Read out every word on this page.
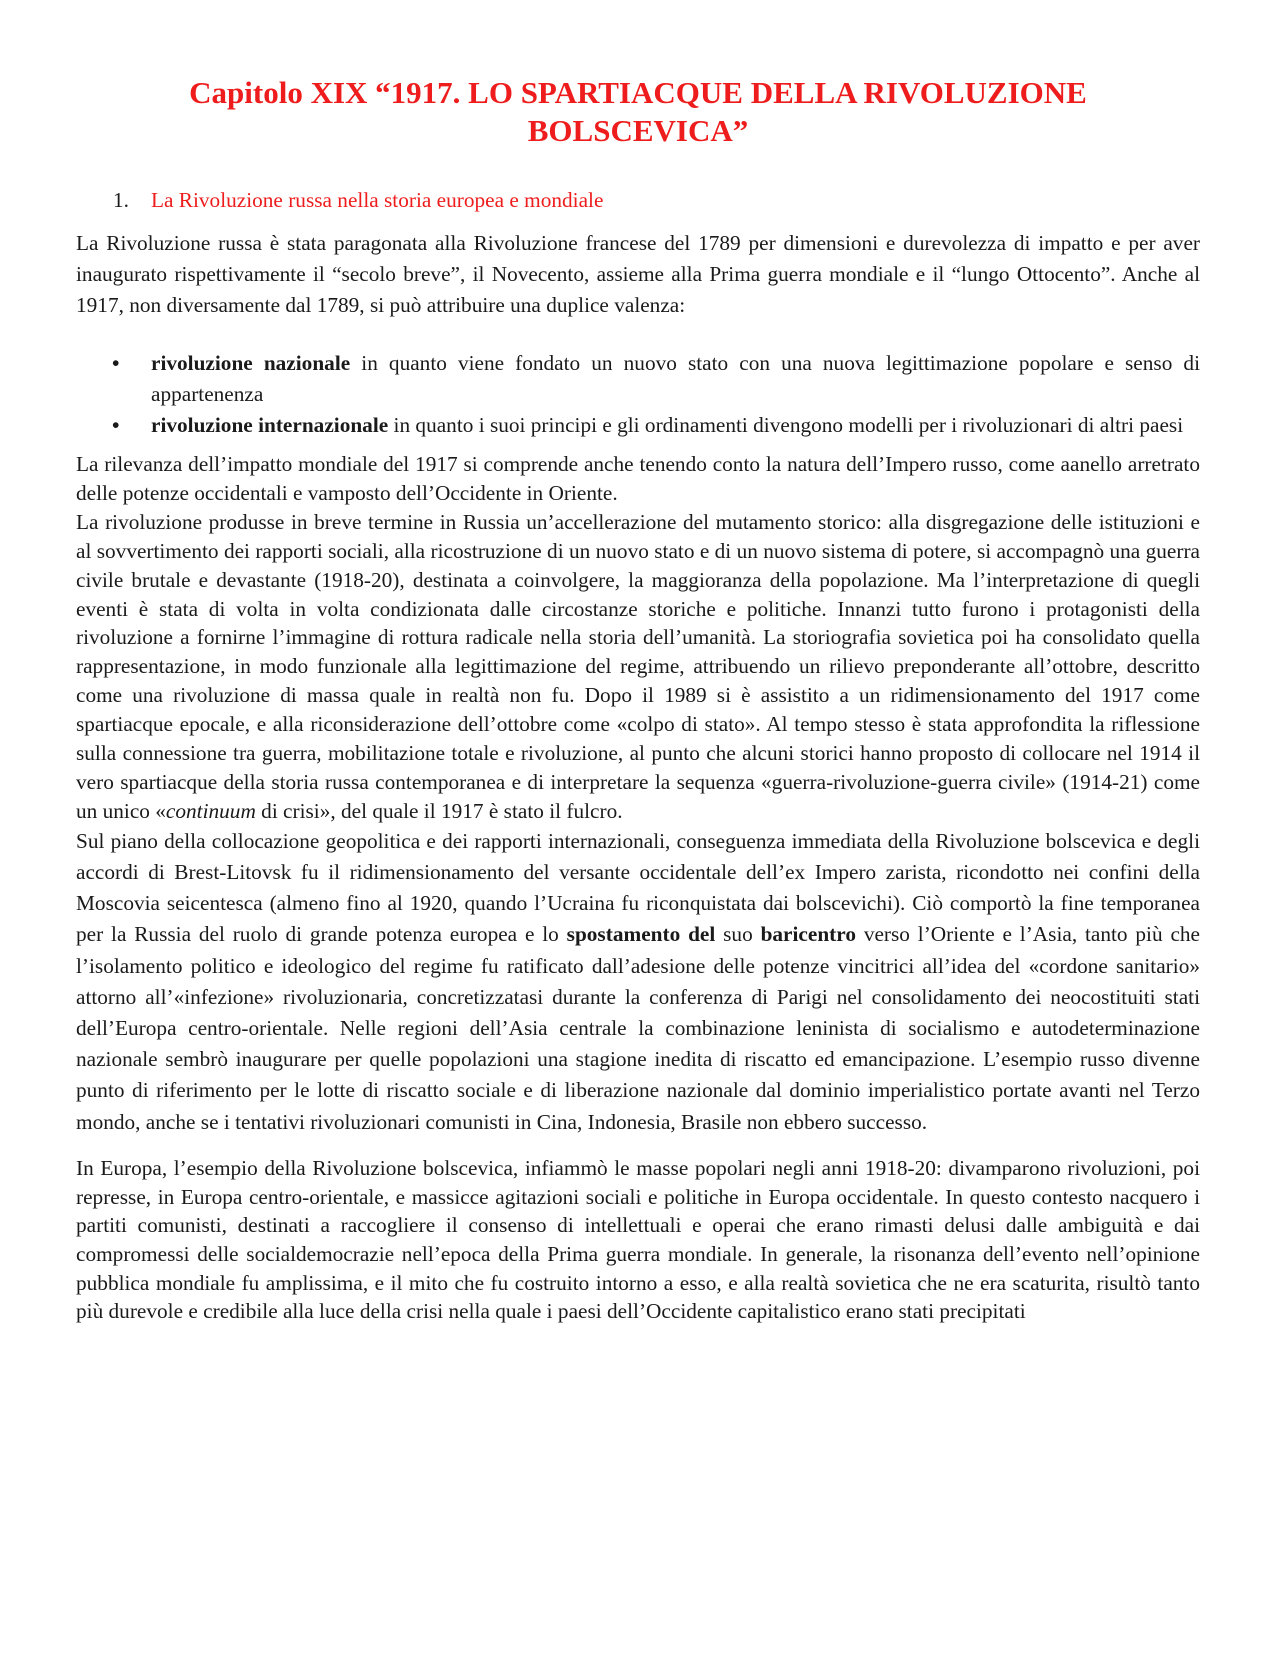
Capitolo XIX “1917. LO SPARTIACQUE DELLA RIVOLUZIONE BOLSCEVICA”
1.	La Rivoluzione russa nella storia europea e mondiale

La Rivoluzione russa è stata paragonata alla Rivoluzione francese del 1789 per dimensioni e durevolezza di impatto e per aver inaugurato rispettivamente il “secolo breve”, il Novecento, assieme alla Prima guerra mondiale e il “lungo Ottocento”. Anche al 1917, non diversamente dal 1789, si può attribuire una duplice valenza:

•	rivoluzione nazionale in quanto viene fondato un nuovo stato con una nuova legittimazione popolare e senso di appartenenza
•	rivoluzione internazionale in quanto i suoi principi e gli ordinamenti divengono modelli per i rivoluzionari di altri paesi

La rilevanza dell’impatto mondiale del 1917 si comprende anche tenendo conto la natura dell’Impero russo, come aanello arretrato delle potenze occidentali e vamposto dell’Occidente in Oriente.

La rivoluzione produsse in breve termine in Russia un’accellerazione del mutamento storico: alla disgregazione delle istituzioni e al sovvertimento dei rapporti sociali, alla ricostruzione di un nuovo stato e di un nuovo sistema di potere, si accompagnò una guerra civile brutale e devastante (1918-20), destinata a coinvolgere, la maggioranza della popolazione. Ma l’interpretazione di quegli eventi è stata di volta in volta condizionata dalle circostanze storiche e politiche. Innanzi tutto furono i protagonisti della rivoluzione a fornirne l’immagine di rottura radicale nella storia dell’umanità. La storiografia sovietica poi ha consolidato quella rappresentazione, in modo funzionale alla legittimazione del regime, attribuendo un rilievo preponderante all’ottobre, descritto come una rivoluzione di massa quale in realtà non fu. Dopo il 1989 si è assistito a un ridimensionamento del 1917 come spartiacque epocale, e alla riconsiderazione dell’ottobre come «colpo di stato». Al tempo stesso è stata approfondita la riflessione sulla connessione tra guerra, mobilitazione totale e rivoluzione, al punto che alcuni storici hanno proposto di collocare nel 1914 il vero spartiacque della storia russa contemporanea e di interpretare la sequenza «guerra-rivoluzione-guerra civile» (1914-21) come un unico «continuum di crisi», del quale il 1917 è stato il fulcro.

Sul piano della collocazione geopolitica e dei rapporti internazionali, conseguenza immediata della Rivoluzione bolscevica e degli accordi di Brest-Litovsk fu il ridimensionamento del versante occidentale dell’ex Impero zarista, ricondotto nei confini della Moscovia seicentesca (almeno fino al 1920, quando l’Ucraina fu riconquistata dai bolscevichi). Ciò comportò la fine temporanea per la Russia del ruolo di grande potenza europea e lo spostamento del suo baricentro verso l’Oriente e l’Asia, tanto più che l’isolamento politico e ideologico del regime fu ratificato dall’adesione delle potenze vincitrici all’idea del «cordone sanitario» attorno all’«infezione» rivoluzionaria, concretizzatasi durante la conferenza di Parigi nel consolidamento dei neocostituiti stati dell’Europa centro-orientale. Nelle regioni dell’Asia centrale la combinazione leninista di socialismo e autodeterminazione nazionale sembrò inaugurare per quelle popolazioni una stagione inedita di riscatto ed emancipazione. L’esempio russo divenne punto di riferimento per le lotte di riscatto sociale e di liberazione nazionale dal dominio imperialistico portate avanti nel Terzo mondo, anche se i tentativi rivoluzionari comunisti in Cina, Indonesia, Brasile non ebbero successo.

In Europa, l’esempio della Rivoluzione bolscevica, infiammò le masse popolari negli anni 1918-20: divamparono rivoluzioni, poi represse, in Europa centro-orientale, e massicce agitazioni sociali e politiche in Europa occidentale. In questo contesto nacquero i partiti comunisti, destinati a raccogliere il consenso di intellettuali e operai che erano rimasti delusi dalle ambiguità e dai compromessi delle socialdemocrazie nell’epoca della Prima guerra mondiale. In generale, la risonanza dell’evento nell’opinione pubblica mondiale fu amplissima, e il mito che fu costruito intorno a esso, e alla realtà sovietica che ne era scaturita, risultò tanto più durevole e credibile alla luce della crisi nella quale i paesi dell’Occidente capitalistico erano stati precipitati
